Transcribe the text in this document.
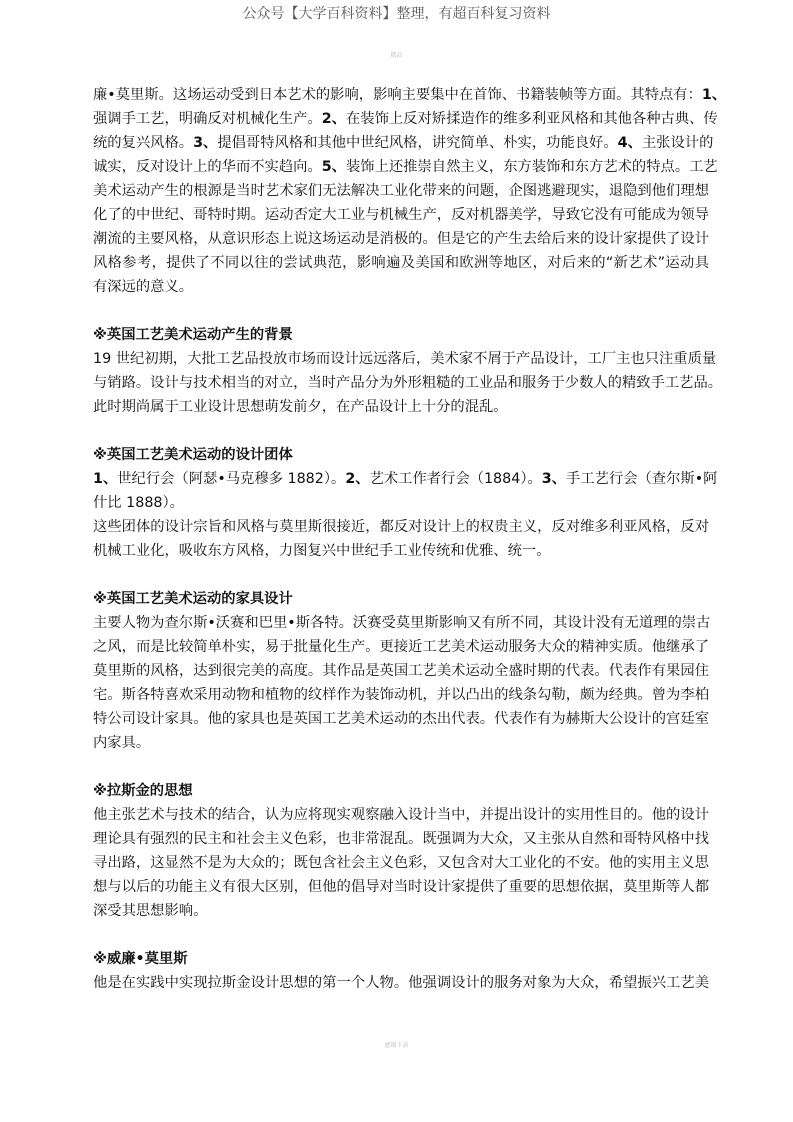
公众号【大学百科资料】整理，有超百科复习资料
精品
廉•莫里斯。这场运动受到日本艺术的影响，影响主要集中在首饰、书籍装帧等方面。其特点有：1、
强调手工艺，明确反对机械化生产。2、在装饰上反对矫揉造作的维多利亚风格和其他各种古典、传
统的复兴风格。3、提倡哥特风格和其他中世纪风格，讲究简单、朴实，功能良好。4、主张设计的
诚实，反对设计上的华而不实趋向。5、装饰上还推崇自然主义，东方装饰和东方艺术的特点。工艺
美术运动产生的根源是当时艺术家们无法解决工业化带来的问题，企图逃避现实，退隐到他们理想
化了的中世纪、哥特时期。运动否定大工业与机械生产，反对机器美学，导致它没有可能成为领导
潮流的主要风格，从意识形态上说这场运动是消极的。但是它的产生去给后来的设计家提供了设计
风格参考，提供了不同以往的尝试典范，影响遍及美国和欧洲等地区，对后来的“新艺术”运动具
有深远的意义。
※英国工艺美术运动产生的背景
19 世纪初期，大批工艺品投放市场而设计远远落后，美术家不屑于产品设计，工厂主也只注重质量
与销路。设计与技术相当的对立，当时产品分为外形粗糙的工业品和服务于少数人的精致手工艺品。
此时期尚属于工业设计思想萌发前夕，在产品设计上十分的混乱。
※英国工艺美术运动的设计团体
1、世纪行会（阿瑟•马克穆多 1882）。2、艺术工作者行会（1884）。3、手工艺行会（查尔斯•阿
什比 1888）。
这些团体的设计宗旨和风格与莫里斯很接近，都反对设计上的权贵主义，反对维多利亚风格，反对
机械工业化，吸收东方风格，力图复兴中世纪手工业传统和优雅、统一。
※英国工艺美术运动的家具设计
主要人物为查尔斯•沃赛和巴里•斯各特。沃赛受莫里斯影响又有所不同，其设计没有无道理的崇古
之风，而是比较简单朴实，易于批量化生产。更接近工艺美术运动服务大众的精神实质。他继承了
莫里斯的风格，达到很完美的高度。其作品是英国工艺美术运动全盛时期的代表。代表作有果园住
宅。斯各特喜欢采用动物和植物的纹样作为装饰动机，并以凸出的线条勾勒，颇为经典。曾为李柏
特公司设计家具。他的家具也是英国工艺美术运动的杰出代表。代表作有为赫斯大公设计的宫廷室
内家具。
※拉斯金的思想
他主张艺术与技术的结合，认为应将现实观察融入设计当中，并提出设计的实用性目的。他的设计
理论具有强烈的民主和社会主义色彩，也非常混乱。既强调为大众，又主张从自然和哥特风格中找
寻出路，这显然不是为大众的；既包含社会主义色彩，又包含对大工业化的不安。他的实用主义思
想与以后的功能主义有很大区别，但他的倡导对当时设计家提供了重要的思想依据，莫里斯等人都
深受其思想影响。
※威廉•莫里斯
他是在实践中实现拉斯金设计思想的第一个人物。他强调设计的服务对象为大众，希望振兴工艺美
感谢下载
